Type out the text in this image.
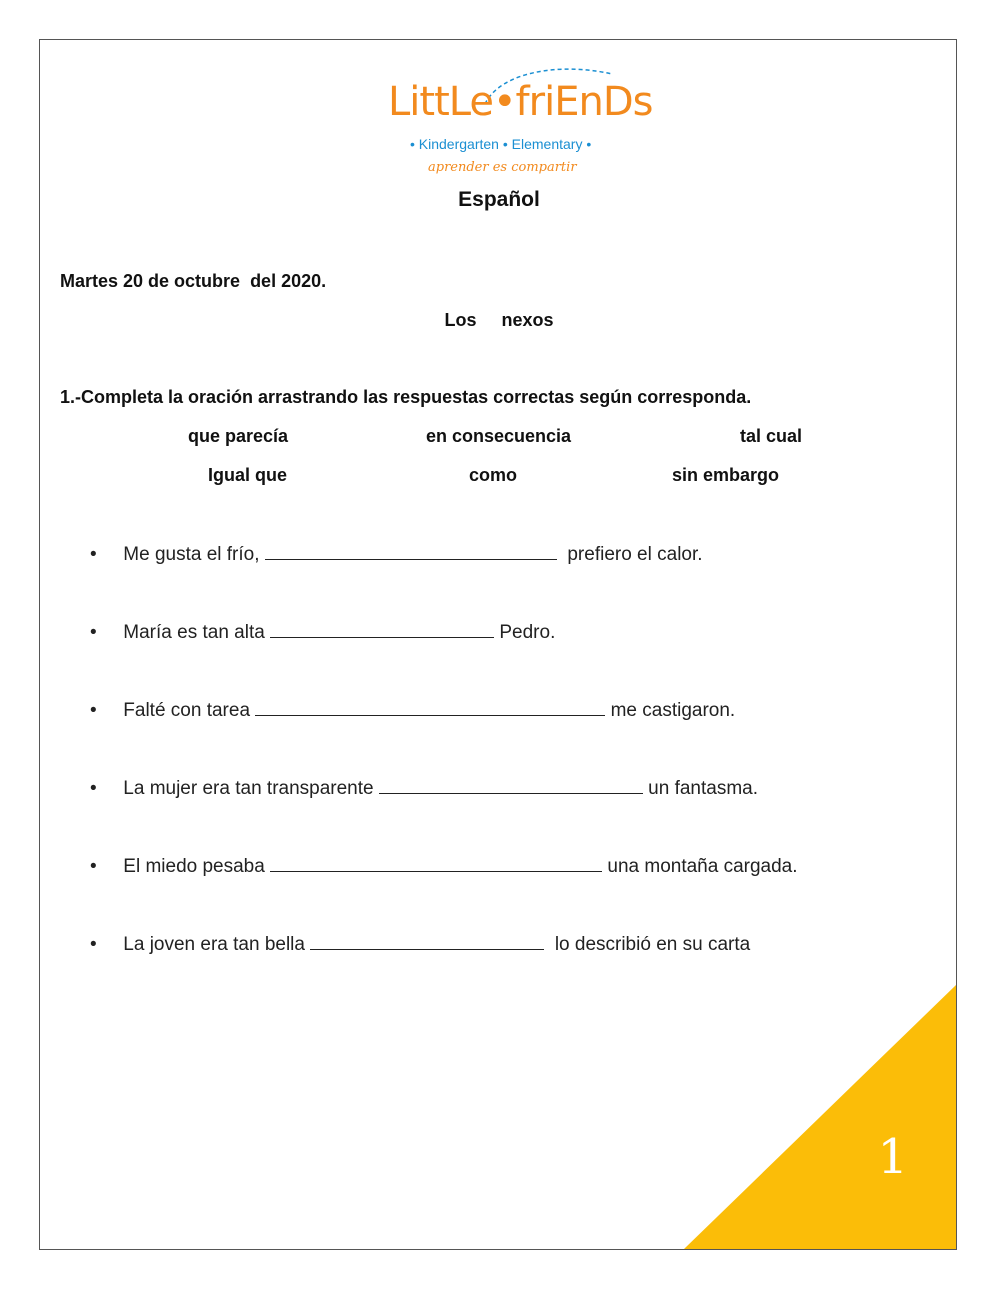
LittLe•friEnDs
• Kindergarten • Elementary •
aprender es compartir
Español
Martes 20 de octubre  del 2020.
Los nexos
1.-Completa la oración arrastrando las respuestas correctas según corresponda.
que parecía	en consecuencia	tal cual
Igual que	como	sin embargo
• Me gusta el frío,	prefiero el calor.
• María es tan alta	Pedro.
• Falté con tarea	me castigaron.
• La mujer era tan transparente	un fantasma.
• El miedo pesaba	una montaña cargada.
• La joven era tan bella	lo describió en su carta
1
